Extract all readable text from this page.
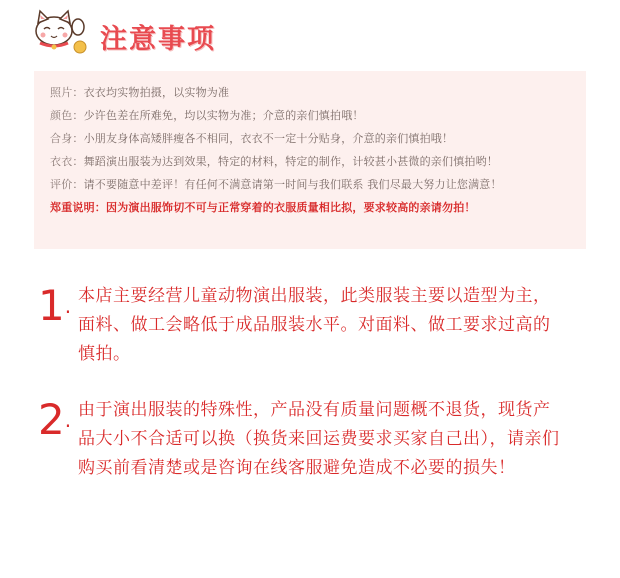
注意事项
照片：衣衣均实物拍摄，以实物为准
颜色：少许色差在所难免，均以实物为准；介意的亲们慎拍哦！
合身：小朋友身体高矮胖瘦各不相同，衣衣不一定十分贴身，介意的亲们慎拍哦！
衣衣：舞蹈演出服装为达到效果，特定的材料，特定的制作，计较甚小甚微的亲们慎拍哟！
评价：请不要随意中差评！有任何不满意请第一时间与我们联系 我们尽最大努力让您满意！
郑重说明：因为演出服饰切不可与正常穿着的衣服质量相比拟，要求较高的亲请勿拍！
1. 本店主要经营儿童动物演出服装，此类服装主要以造型为主，面料、做工会略低于成品服装水平。对面料、做工要求过高的慎拍。
2. 由于演出服装的特殊性，产品没有质量问题概不退货，现货产品大小不合适可以换（换货来回运费要求买家自己出），请亲们购买前看清楚或是咨询在线客服避免造成不必要的损失！
